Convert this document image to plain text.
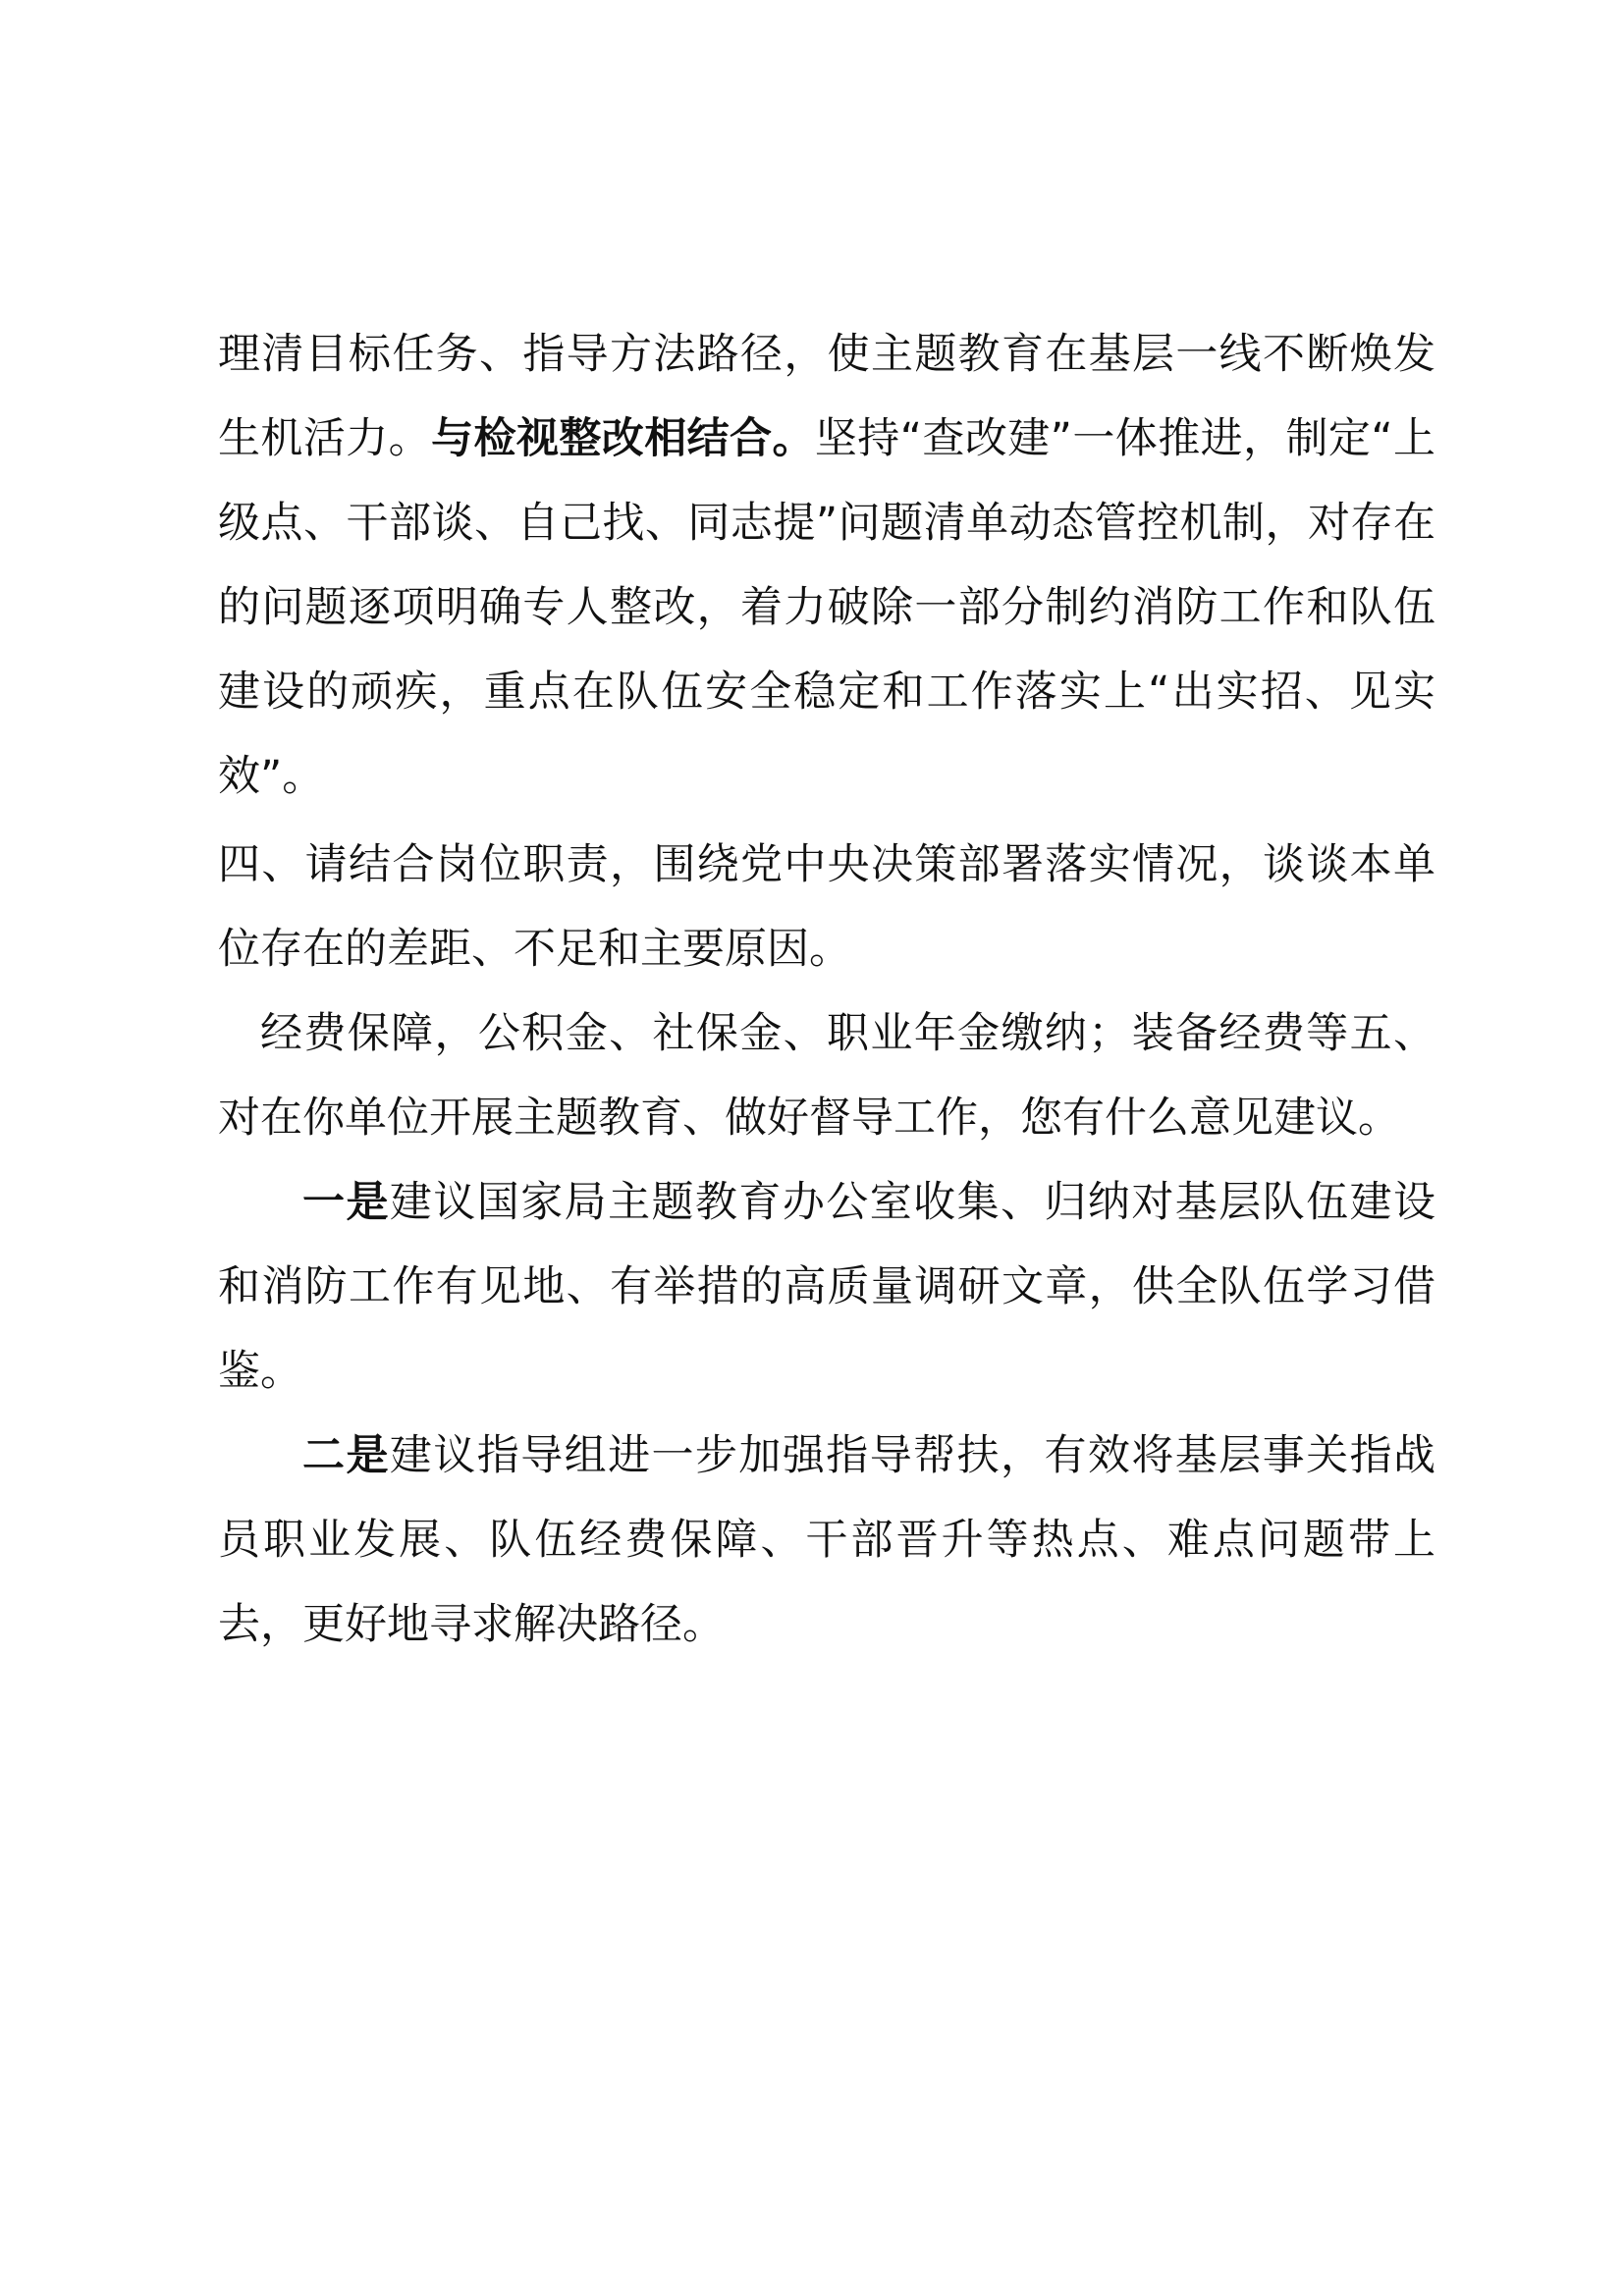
理清目标任务、指导方法路径，使主题教育在基层一线不断焕发生机活力。与检视整改相结合。坚持“查改建”一体推进，制定“上级点、干部谈、自己找、同志提”问题清单动态管控机制，对存在的问题逐项明确专人整改，着力破除一部分制约消防工作和队伍建设的顽疾，重点在队伍安全稳定和工作落实上“出实招、见实效”。

四、请结合岗位职责，围绕党中央决策部署落实情况，谈谈本单位存在的差距、不足和主要原因。

经费保障，公积金、社保金、职业年金缴纳；装备经费等五、对在你单位开展主题教育、做好督导工作，您有什么意见建议。

一是建议国家局主题教育办公室收集、归纳对基层队伍建设和消防工作有见地、有举措的高质量调研文章，供全队伍学习借鉴。

二是建议指导组进一步加强指导帮扶，有效将基层事关指战员职业发展、队伍经费保障、干部晋升等热点、难点问题带上去，更好地寻求解决路径。
